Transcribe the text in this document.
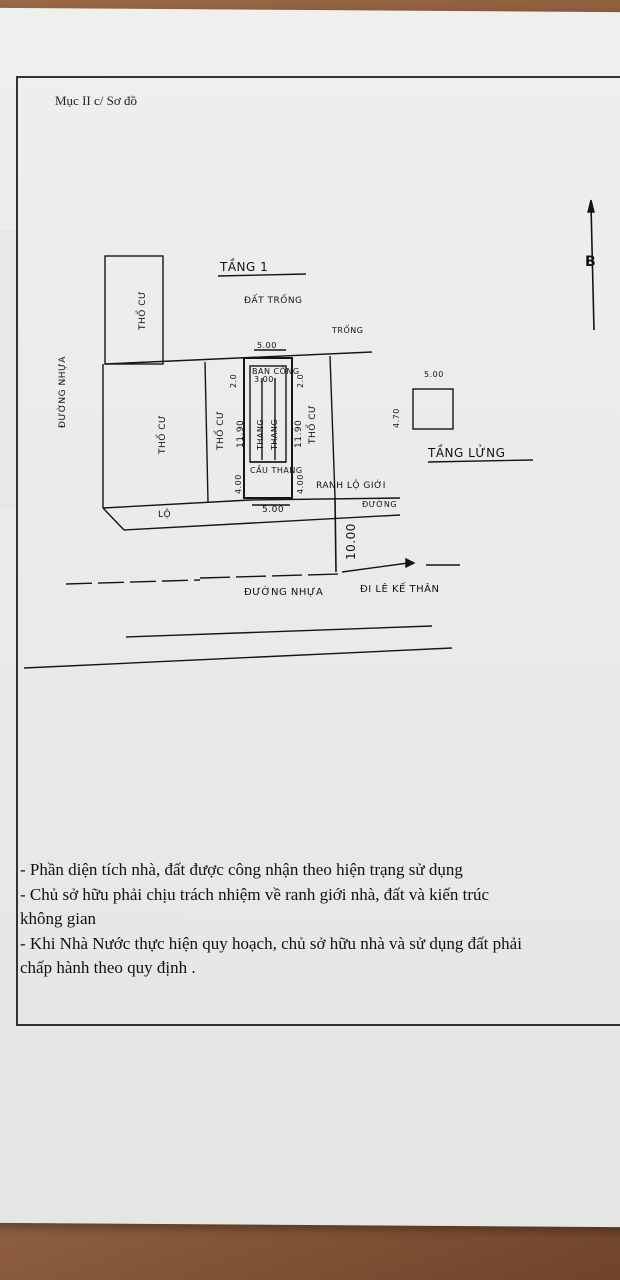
Mục II c/ Sơ đồ
TẦNG 1
ĐẤT TRỐNG
TRỐNG
5.00
BAN CÔNG
3.00
2.0	2.0
11.90	11.90
THANG THANG
CẦU THANG
4.00	4.00
5.00
THỔ CƯ
THỔ CƯ	THỔ CƯ	THỔ CƯ
ĐƯỜNG NHỰA
LỘ
RANH LỘ GIỚI
ĐƯỜNG
10.00
ĐƯỜNG NHỰA	ĐI LÊ KẾ THÂN
5.00
4.70
TẦNG LỬNG
B
- Phần diện tích nhà, đất được công nhận theo hiện trạng sử dụng
- Chủ sở hữu phải chịu trách nhiệm về ranh giới nhà, đất và kiến trúc
không gian
- Khi Nhà Nước thực hiện quy hoạch, chủ sở hữu nhà và sử dụng đất phải
chấp hành theo quy định .
